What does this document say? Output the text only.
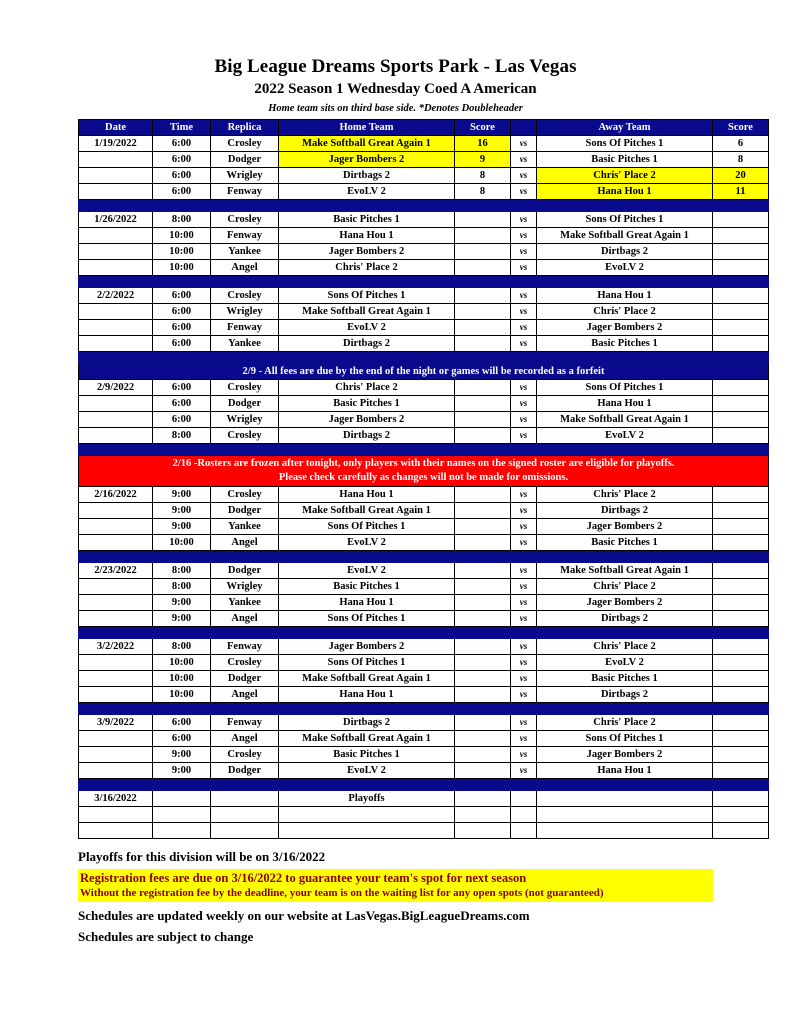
Big League Dreams Sports Park - Las Vegas
2022 Season 1 Wednesday Coed A American
Home team sits on third base side. *Denotes Doubleheader
Date	Time	Replica	Home Team	Score		Away Team	Score
1/19/2022	6:00	Crosley	Make Softball Great Again 1	16	vs	Sons Of Pitches 1	6
	6:00	Dodger	Jager Bombers 2	9	vs	Basic Pitches 1	8
	6:00	Wrigley	Dirtbags 2	8	vs	Chris' Place 2	20
	6:00	Fenway	EvoLV 2	8	vs	Hana Hou 1	11

1/26/2022	8:00	Crosley	Basic Pitches 1		vs	Sons Of Pitches 1	
	10:00	Fenway	Hana Hou 1		vs	Make Softball Great Again 1	
	10:00	Yankee	Jager Bombers 2		vs	Dirtbags 2	
	10:00	Angel	Chris' Place 2		vs	EvoLV 2	

2/2/2022	6:00	Crosley	Sons Of Pitches 1		vs	Hana Hou 1	
	6:00	Wrigley	Make Softball Great Again 1		vs	Chris' Place 2	
	6:00	Fenway	EvoLV 2		vs	Jager Bombers 2	
	6:00	Yankee	Dirtbags 2		vs	Basic Pitches 1	

2/9 - All fees are due by the end of the night or games will be recorded as a forfeit							
2/9/2022	6:00	Crosley	Chris' Place 2		vs	Sons Of Pitches 1	
	6:00	Dodger	Basic Pitches 1		vs	Hana Hou 1	
	6:00	Wrigley	Jager Bombers 2		vs	Make Softball Great Again 1	
	8:00	Crosley	Dirtbags 2		vs	EvoLV 2	

2/16 -Rosters are frozen after tonight, only players with their names on the signed roster are eligible for playoffs.
Please check carefully as changes will not be made for omissions.							

2/16/2022	9:00	Crosley	Hana Hou 1		vs	Chris' Place 2	
	9:00	Dodger	Make Softball Great Again 1		vs	Dirtbags 2	
	9:00	Yankee	Sons Of Pitches 1		vs	Jager Bombers 2	
	10:00	Angel	EvoLV 2		vs	Basic Pitches 1	

2/23/2022	8:00	Dodger	EvoLV 2		vs	Make Softball Great Again 1	
	8:00	Wrigley	Basic Pitches 1		vs	Chris' Place 2	
	9:00	Yankee	Hana Hou 1		vs	Jager Bombers 2	
	9:00	Angel	Sons Of Pitches 1		vs	Dirtbags 2	

3/2/2022	8:00	Fenway	Jager Bombers 2		vs	Chris' Place 2	
	10:00	Crosley	Sons Of Pitches 1		vs	EvoLV 2	
	10:00	Dodger	Make Softball Great Again 1		vs	Basic Pitches 1	
	10:00	Angel	Hana Hou 1		vs	Dirtbags 2	

3/9/2022	6:00	Fenway	Dirtbags 2		vs	Chris' Place 2	
	6:00	Angel	Make Softball Great Again 1		vs	Sons Of Pitches 1	
	9:00	Crosley	Basic Pitches 1		vs	Jager Bombers 2	
	9:00	Dodger	EvoLV 2		vs	Hana Hou 1	

3/16/2022			Playoffs				

Playoffs for this division will be on 3/16/2022
Registration fees are due on 3/16/2022 to guarantee your team's spot for next season
Without the registration fee by the deadline, your team is on the waiting list for any open spots (not guaranteed)
Schedules are updated weekly on our website at LasVegas.BigLeagueDreams.com
Schedules are subject to change
